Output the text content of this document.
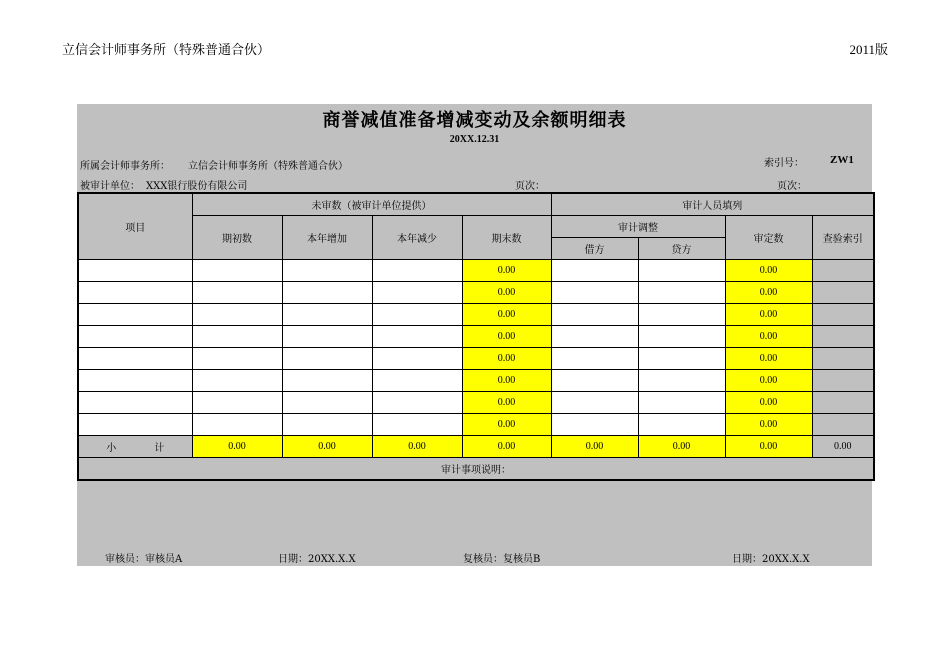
立信会计师事务所（特殊普通合伙）	2011版
商誉减值准备增减变动及余额明细表
20XX.12.31
所属会计师事务所： 立信会计师事务所（特殊普通合伙）	索引号： ZW1
被审计单位： XXX银行股份有限公司	页次：	页次：
项目	未审数（被审计单位提供）				审计人员填列			
	期初数	本年增加	本年减少	期末数	审计调整		审定数	查验索引
					借方	贷方		
				0.00			0.00	
				0.00			0.00	
				0.00			0.00	
				0.00			0.00	
				0.00			0.00	
				0.00			0.00	
				0.00			0.00	
				0.00			0.00	
小 计	0.00	0.00	0.00	0.00	0.00	0.00	0.00	0.00
审计事项说明：								
审核员：审核员A	日期：20XX.X.X	复核员：复核员B	日期：20XX.X.X
